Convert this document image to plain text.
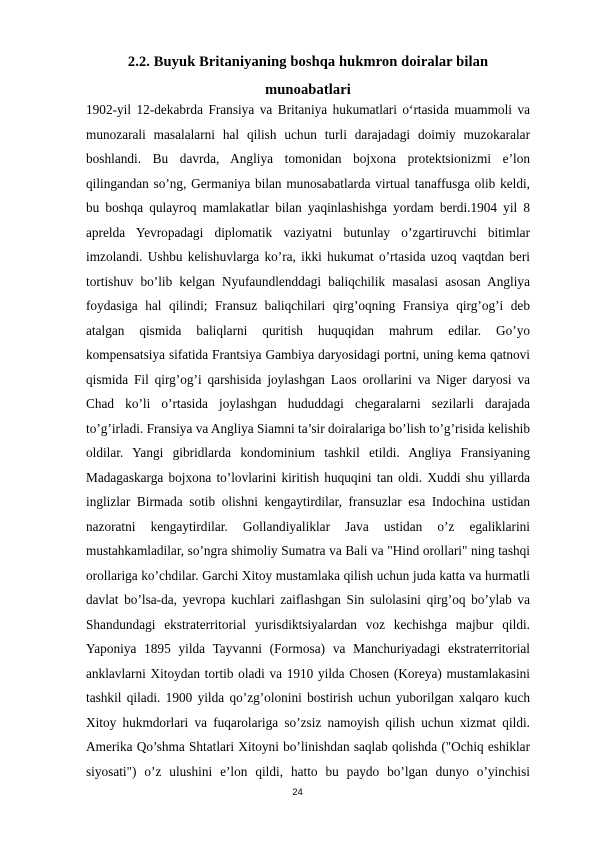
2.2. Buyuk Britaniyaning boshqa hukmron doiralar bilan munoabatlari
1902-yil 12-dekabrda Fransiya va Britaniya hukumatlari o‘rtasida muammoli va munozarali masalalarni hal qilish uchun turli darajadagi doimiy muzokaralar boshlandi. Bu davrda, Angliya tomonidan bojxona protektsionizmi e’lon qilingandan so’ng, Germaniya bilan munosabatlarda virtual tanaffusga olib keldi, bu boshqa qulayroq mamlakatlar bilan yaqinlashishga yordam berdi.1904 yil 8 aprelda Yevropadagi diplomatik vaziyatni butunlay o’zgartiruvchi bitimlar imzolandi. Ushbu kelishuvlarga ko’ra, ikki hukumat o’rtasida uzoq vaqtdan beri tortishuv bo’lib kelgan Nyufaundlenddagi baliqchilik masalasi asosan Angliya foydasiga hal qilindi; Fransuz baliqchilari qirg’oqning Fransiya qirg’og’i deb atalgan qismida baliqlarni quritish huquqidan mahrum edilar. Go’yo kompensatsiya sifatida Frantsiya Gambiya daryosidagi portni, uning kema qatnovi qismida Fil qirg’og’i qarshisida joylashgan Laos orollarini va Niger daryosi va Chad ko’li o’rtasida joylashgan hududdagi chegaralarni sezilarli darajada to’g’irladi. Fransiya va Angliya Siamni ta’sir doiralariga bo’lish to’g’risida kelishib oldilar. Yangi gibridlarda kondominium tashkil etildi. Angliya Fransiyaning Madagaskarga bojxona to’lovlarini kiritish huquqini tan oldi. Xuddi shu yillarda inglizlar Birmada sotib olishni kengaytirdilar, fransuzlar esa Indochina ustidan nazoratni kengaytirdilar. Gollandiyaliklar Java ustidan o’z egaliklarini mustahkamladilar, so’ngra shimoliy Sumatra va Bali va "Hind orollari" ning tashqi orollariga ko’chdilar. Garchi Xitoy mustamlaka qilish uchun juda katta va hurmatli davlat bo’lsa-da, yevropa kuchlari zaiflashgan Sin sulolasini qirg’oq bo’ylab va Shandundagi ekstraterritorial yurisdiktsiyalardan voz kechishga majbur qildi. Yaponiya 1895 yilda Tayvanni (Formosa) va Manchuriyadagi ekstraterritorial anklavlarni Xitoydan tortib oladi va 1910 yilda Chosen (Koreya) mustamlakasini tashkil qiladi. 1900 yilda qo’zg’olonini bostirish uchun yuborilgan xalqaro kuch Xitoy hukmdorlari va fuqarolariga so’zsiz namoyish qilish uchun xizmat qildi. Amerika Qo’shma Shtatlari Xitoyni bo’linishdan saqlab qolishda ("Ochiq eshiklar siyosati") o’z ulushini e’lon qildi, hatto bu paydo bo’lgan dunyo o’yinchisi
24
